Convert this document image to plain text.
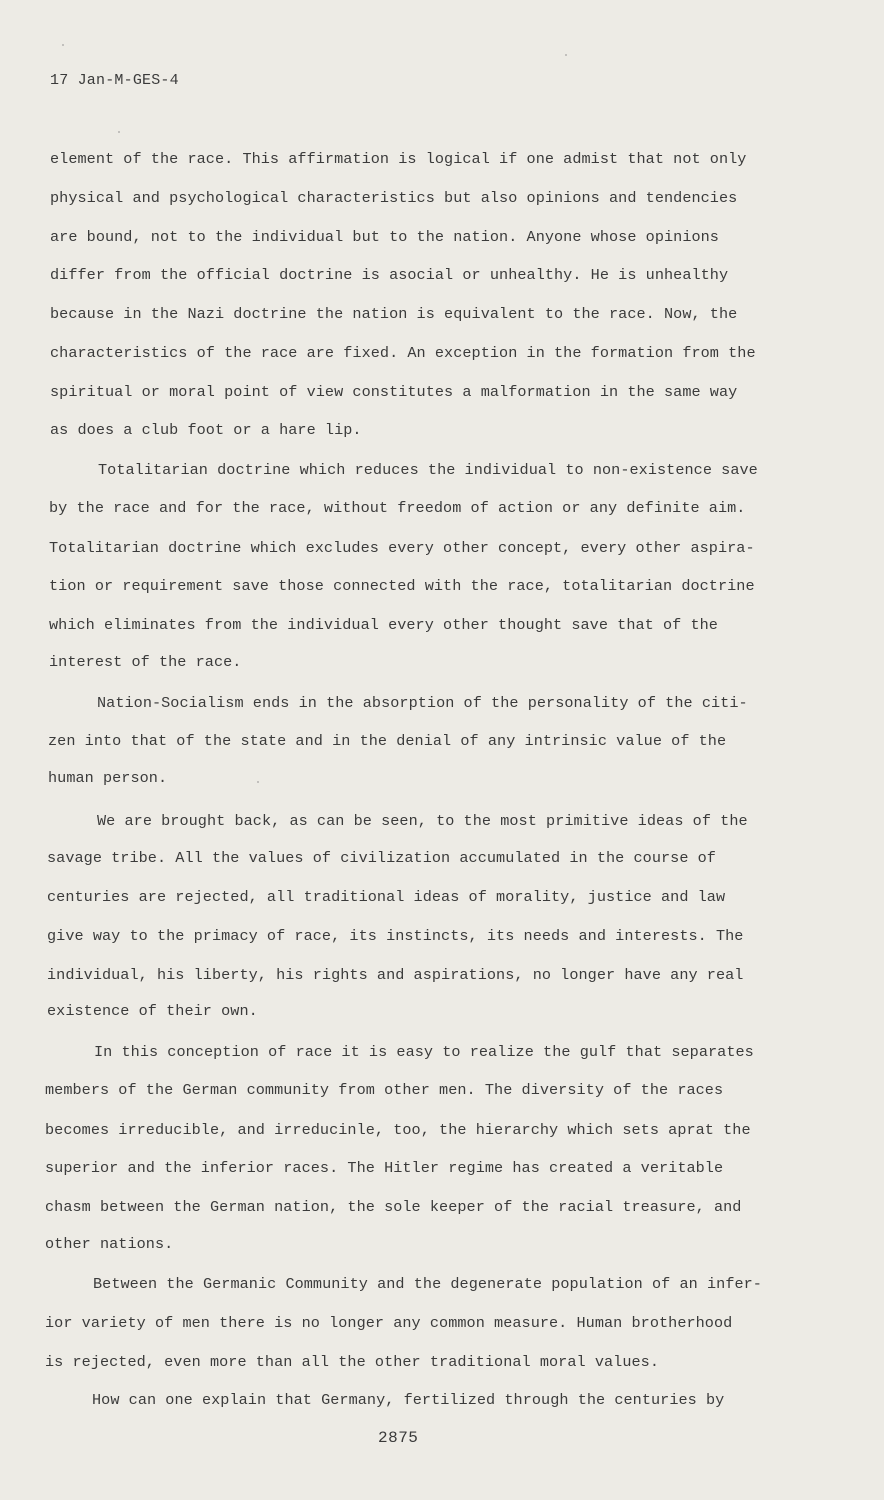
17 Jan-M-GES-4
element of the race. This affirmation is logical if one admist that not only
physical and psychological characteristics but also opinions and tendencies
are bound, not to the individual but to the nation. Anyone whose opinions
differ from the official doctrine is asocial or unhealthy. He is unhealthy
because in the Nazi doctrine the nation is equivalent to the race. Now, the
characteristics of the race are fixed. An exception in the formation from the
spiritual or moral point of view constitutes a malformation in the same way
as does a club foot or a hare lip.
Totalitarian doctrine which reduces the individual to non-existence save
by the race and for the race, without freedom of action or any definite aim.
Totalitarian doctrine which excludes every other concept, every other aspira-
tion or requirement save those connected with the race, totalitarian doctrine
which eliminates from the individual every other thought save that of the
interest of the race.
Nation-Socialism ends in the absorption of the personality of the citi-
zen into that of the state and in the denial of any intrinsic value of the
human person.
We are brought back, as can be seen, to the most primitive ideas of the
savage tribe. All the values of civilization accumulated in the course of
centuries are rejected, all traditional ideas of morality, justice and law
give way to the primacy of race, its instincts, its needs and interests. The
individual, his liberty, his rights and aspirations, no longer have any real
existence of their own.
In this conception of race it is easy to realize the gulf that separates
members of the German community from other men. The diversity of the races
becomes irreducible, and irreducinle, too, the hierarchy which sets aprat the
superior and the inferior races. The Hitler regime has created a veritable
chasm between the German nation, the sole keeper of the racial treasure, and
other nations.
Between the Germanic Community and the degenerate population of an infer-
ior variety of men there is no longer any common measure. Human brotherhood
is rejected, even more than all the other traditional moral values.
How can one explain that Germany, fertilized through the centuries by
2875
